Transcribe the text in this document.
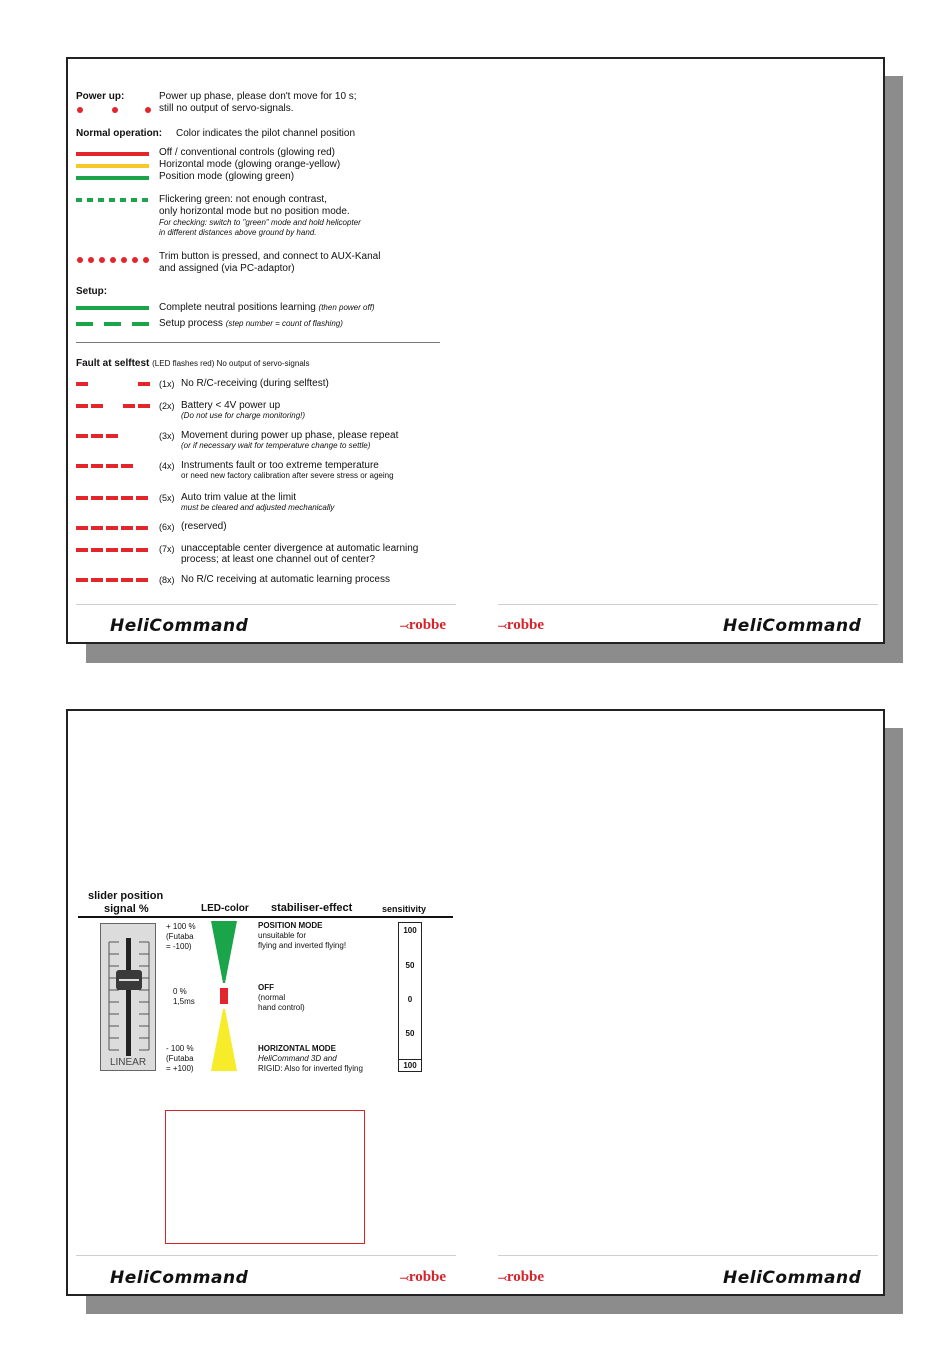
Power up:	Power up phase, please don't move for 10 s;
still no output of servo-signals.
Normal operation: Color indicates the pilot channel position
Off / conventional controls (glowing red)
Horizontal mode (glowing orange-yellow)
Position mode (glowing green)
Flickering green: not enough contrast,
only horizontal mode but no position mode.
For checking: switch to "green" mode and hold helicopter
in different distances above ground by hand.
Trim button is pressed, and connect to AUX-Kanal
and assigned (via PC-adaptor)
Setup:
Complete neutral positions learning (then power off)
Setup process (step number = count of flashing)
Fault at selftest (LED flashes red) No output of servo-signals
(1x) No R/C-receiving (during selftest)
(2x) Battery < 4V power up
(Do not use for charge monitoring!)
(3x) Movement during power up phase, please repeat
(or if necessary wait for temperature change to settle)
(4x) Instruments fault or too extreme temperature
or need new factory calibration after severe stress or ageing
(5x) Auto trim value at the limit
must be cleared and adjusted mechanically
(6x) (reserved)
(7x) unacceptable center divergence at automatic learning
process; at least one channel out of center?
(8x) No R/C receiving at automatic learning process
HeliCommand	⤙robbe	⤙robbe	HeliCommand
slider position
signal %	LED-color stabiliser-effect	sensitivity
LINEAR
+ 100 %
(Futaba
= -100)
0 %
1,5ms
- 100 %
(Futaba
= +100)
POSITION MODE
unsuitable for
flying and inverted flying!
OFF
(normal
hand control)
HORIZONTAL MODE
HeliCommand 3D and
RIGID: Also for inverted flying
100
50
0
50
100
HeliCommand	⤙robbe	⤙robbe	HeliCommand
